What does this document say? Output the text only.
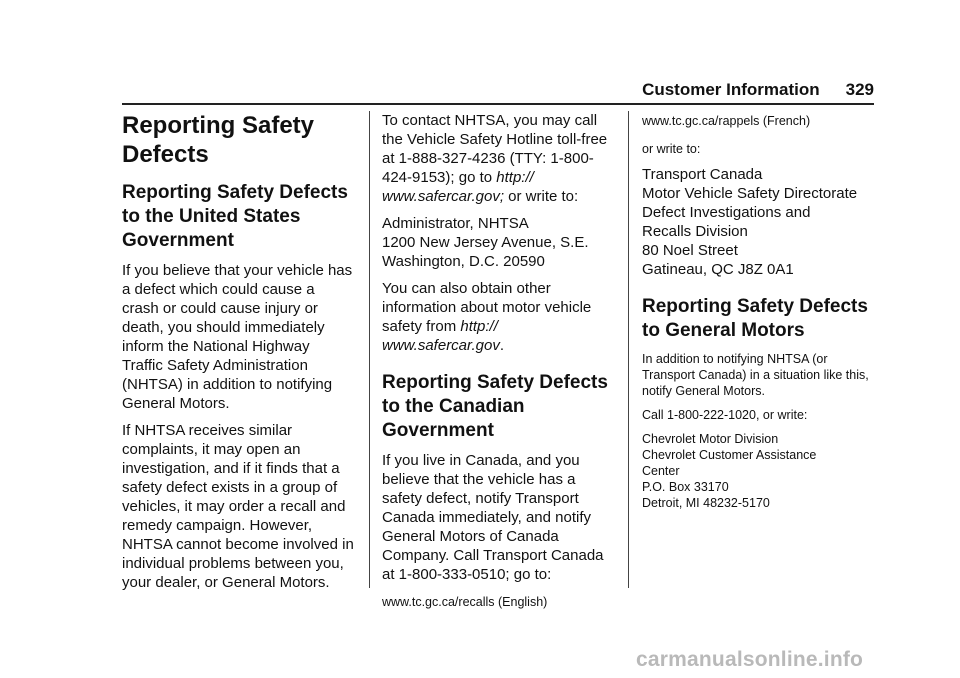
Customer Information 329
Reporting Safety Defects
Reporting Safety Defects to the United States Government

If you believe that your vehicle has a defect which could cause a crash or could cause injury or death, you should immediately inform the National Highway Traffic Safety Administration (NHTSA) in addition to notifying General Motors.

If NHTSA receives similar complaints, it may open an investigation, and if it finds that a safety defect exists in a group of vehicles, it may order a recall and remedy campaign. However, NHTSA cannot become involved in individual problems between you, your dealer, or General Motors.

To contact NHTSA, you may call the Vehicle Safety Hotline toll-free at 1-888-327-4236 (TTY: 1-800-424-9153); go to http:// www.safercar.gov; or write to:

Administrator, NHTSA
1200 New Jersey Avenue, S.E.
Washington, D.C. 20590

You can also obtain other information about motor vehicle safety from http:// www.safercar.gov.

Reporting Safety Defects to the Canadian Government

If you live in Canada, and you believe that the vehicle has a safety defect, notify Transport Canada immediately, and notify General Motors of Canada Company. Call Transport Canada at 1-800-333-0510; go to:

www.tc.gc.ca/recalls (English)

www.tc.gc.ca/rappels (French)

or write to:

Transport Canada
Motor Vehicle Safety Directorate
Defect Investigations and
Recalls Division
80 Noel Street
Gatineau, QC J8Z 0A1
Reporting Safety Defects to General Motors

In addition to notifying NHTSA (or Transport Canada) in a situation like this, notify General Motors.

Call 1-800-222-1020, or write:

Chevrolet Motor Division
Chevrolet Customer Assistance
Center
P.O. Box 33170
Detroit, MI 48232-5170
carmanualsonline.info
